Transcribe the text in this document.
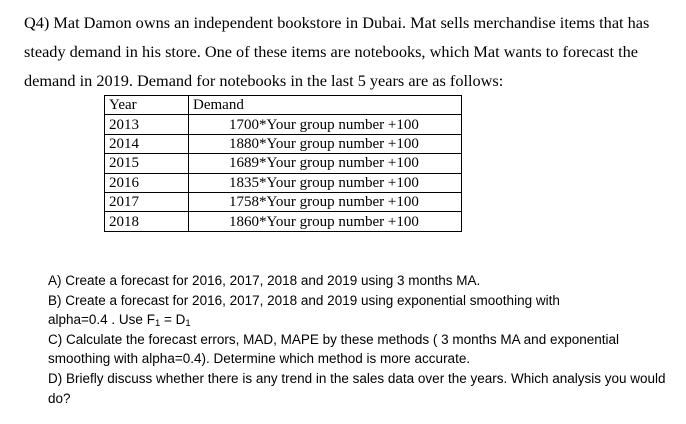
Q4) Mat Damon owns an independent bookstore in Dubai. Mat sells merchandise items that has
steady demand in his store. One of these items are notebooks, which Mat wants to forecast the
demand in 2019. Demand for notebooks in the last 5 years are as follows:
Year	Demand
2013	1700*Your group number +100
2014	1880*Your group number +100
2015	1689*Your group number +100
2016	1835*Your group number +100
2017	1758*Your group number +100
2018	1860*Your group number +100
A) Create a forecast for 2016, 2017, 2018 and 2019 using 3 months MA.
B) Create a forecast for 2016, 2017, 2018 and 2019 using exponential smoothing with
alpha=0.4 . Use $F_1 = D_1$
C) Calculate the forecast errors, MAD, MAPE by these methods ( 3 months MA and exponential smoothing with alpha=0.4). Determine which method is more accurate.
D) Briefly discuss whether there is any trend in the sales data over the years. Which analysis you would do?
